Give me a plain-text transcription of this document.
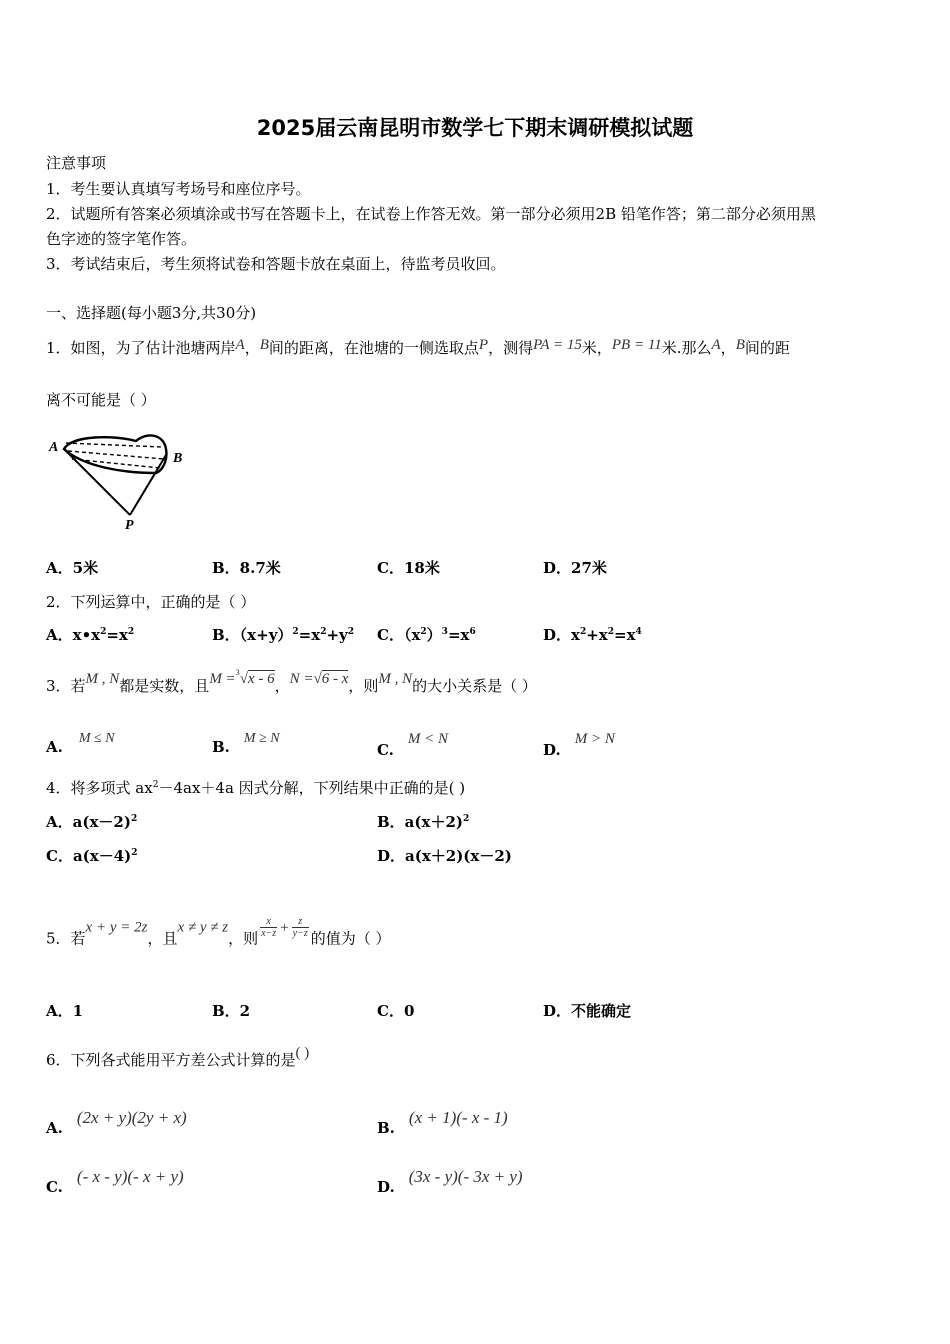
2025届云南昆明市数学七下期末调研模拟试题
注意事项
1．考生要认真填写考场号和座位序号。
2．试题所有答案必须填涂或书写在答题卡上，在试卷上作答无效。第一部分必须用2B 铅笔作答；第二部分必须用黑
色字迹的签字笔作答。
3．考试结束后，考生须将试卷和答题卡放在桌面上，待监考员收回。
一、选择题(每小题3分,共30分)
1．如图，为了估计池塘两岸A，B间的距离，在池塘的一侧选取点P，测得PA = 15米，PB = 11米.那么A，B间的距
离不可能是（ ）
A
B
P
A．5米	B．8.7米	C．18米	D．27米
2．下列运算中，正确的是（ ）
A．$x•x^2=x^2$	B．$(x+y)^2=x^2+y^2$ C．$(x^2)^3=x^6$	D．$x^2+x^2=x^4$
3．若M , N都是实数，且M =$^3$√x - 6，N =√6 - x，则M , N的大小关系是（ ）
A. M ≤ N	B. M ≥ N
C.M < N
D.M > N
4．将多项式 $ax^2-4ax+4a$ 因式分解，下列结果中正确的是( )
A．$a(x-2)^2$	B．$a(x+2)^2$
C．$a(x-4)^2$	D．a(x＋2)(x－2)
5．若x + y = 2z，且x ≠ y ≠ z，则 $\frac{x}{x-z} + \frac{z}{y-z}$ 的值为（ ）
A．1	B．2	C．0	D．不能确定
6．下列各式能用平方差公式计算的是( )
A.(2x + y)(2y + x)
B.(x + 1)(- x - 1)
C.(- x - y)(- x + y)
D.(3x - y)(- 3x + y)
